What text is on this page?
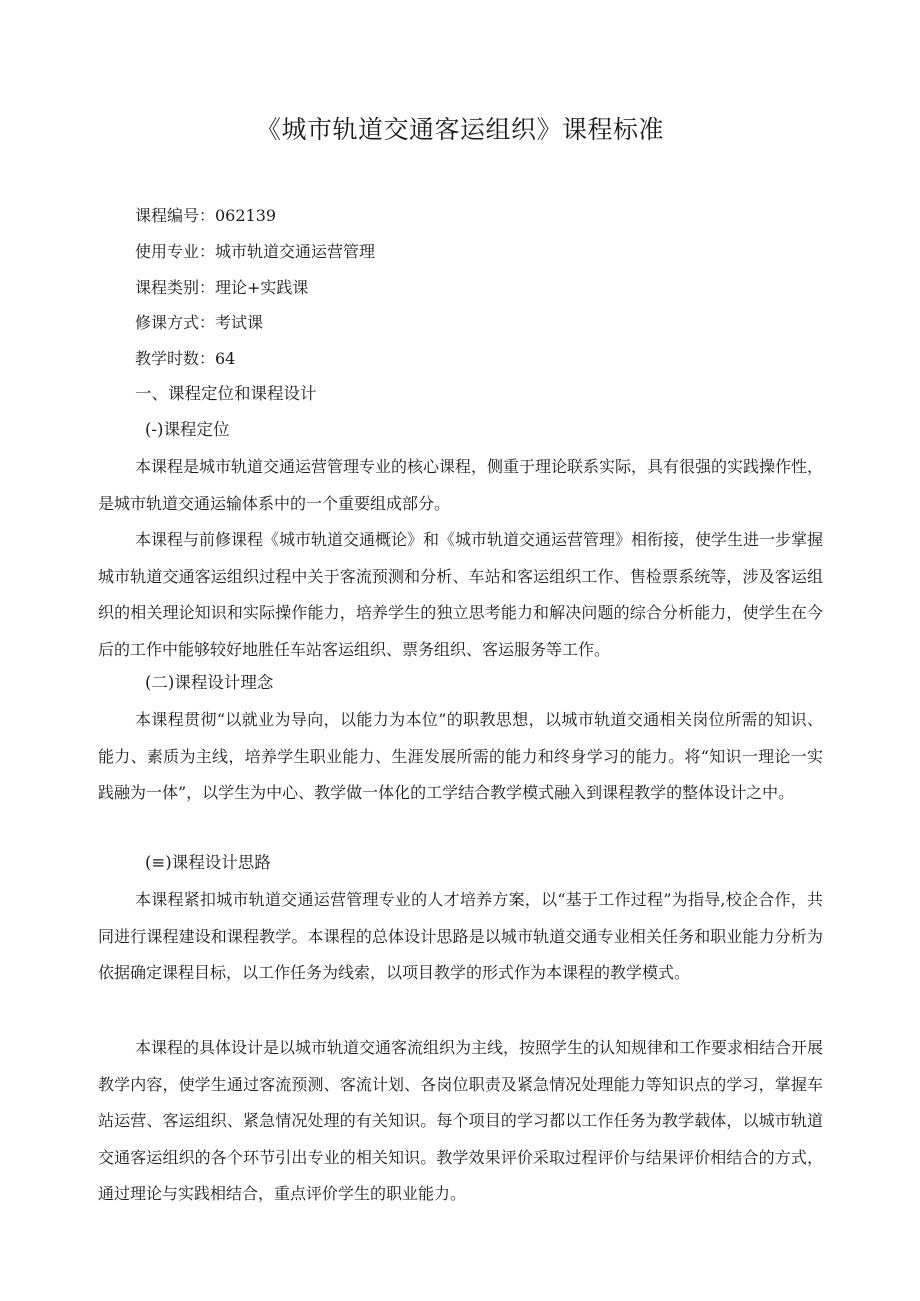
《城市轨道交通客运组织》课程标准

课程编号：062139

使用专业：城市轨道交通运营管理

课程类别：理论+实践课

修课方式：考试课

教学时数：64

一、课程定位和课程设计
(-)课程定位

本课程是城市轨道交通运营管理专业的核心课程，侧重于理论联系实际，具有很强的实践操作性，是城市轨道交通运输体系中的一个重要组成部分。

本课程与前修课程《城市轨道交通概论》和《城市轨道交通运营管理》相衔接，使学生进一步掌握城市轨道交通客运组织过程中关于客流预测和分析、车站和客运组织工作、售检票系统等，涉及客运组织的相关理论知识和实际操作能力，培养学生的独立思考能力和解决问题的综合分析能力，使学生在今后的工作中能够较好地胜任车站客运组织、票务组织、客运服务等工作。

(二)课程设计理念

本课程贯彻“以就业为导向，以能力为本位”的职教思想，以城市轨道交通相关岗位所需的知识、能力、素质为主线，培养学生职业能力、生涯发展所需的能力和终身学习的能力。将“知识一理论一实践融为一体”，以学生为中心、教学做一体化的工学结合教学模式融入到课程教学的整体设计之中。

(≡)课程设计思路

本课程紧扣城市轨道交通运营管理专业的人才培养方案，以“基于工作过程”为指导,校企合作，共同进行课程建设和课程教学。本课程的总体设计思路是以城市轨道交通专业相关任务和职业能力分析为依据确定课程目标，以工作任务为线索，以项目教学的形式作为本课程的教学模式。

本课程的具体设计是以城市轨道交通客流组织为主线，按照学生的认知规律和工作要求相结合开展教学内容，使学生通过客流预测、客流计划、各岗位职责及紧急情况处理能力等知识点的学习，掌握车站运营、客运组织、紧急情况处理的有关知识。每个项目的学习都以工作任务为教学载体，以城市轨道交通客运组织的各个环节引出专业的相关知识。教学效果评价采取过程评价与结果评价相结合的方式，通过理论与实践相结合，重点评价学生的职业能力。
